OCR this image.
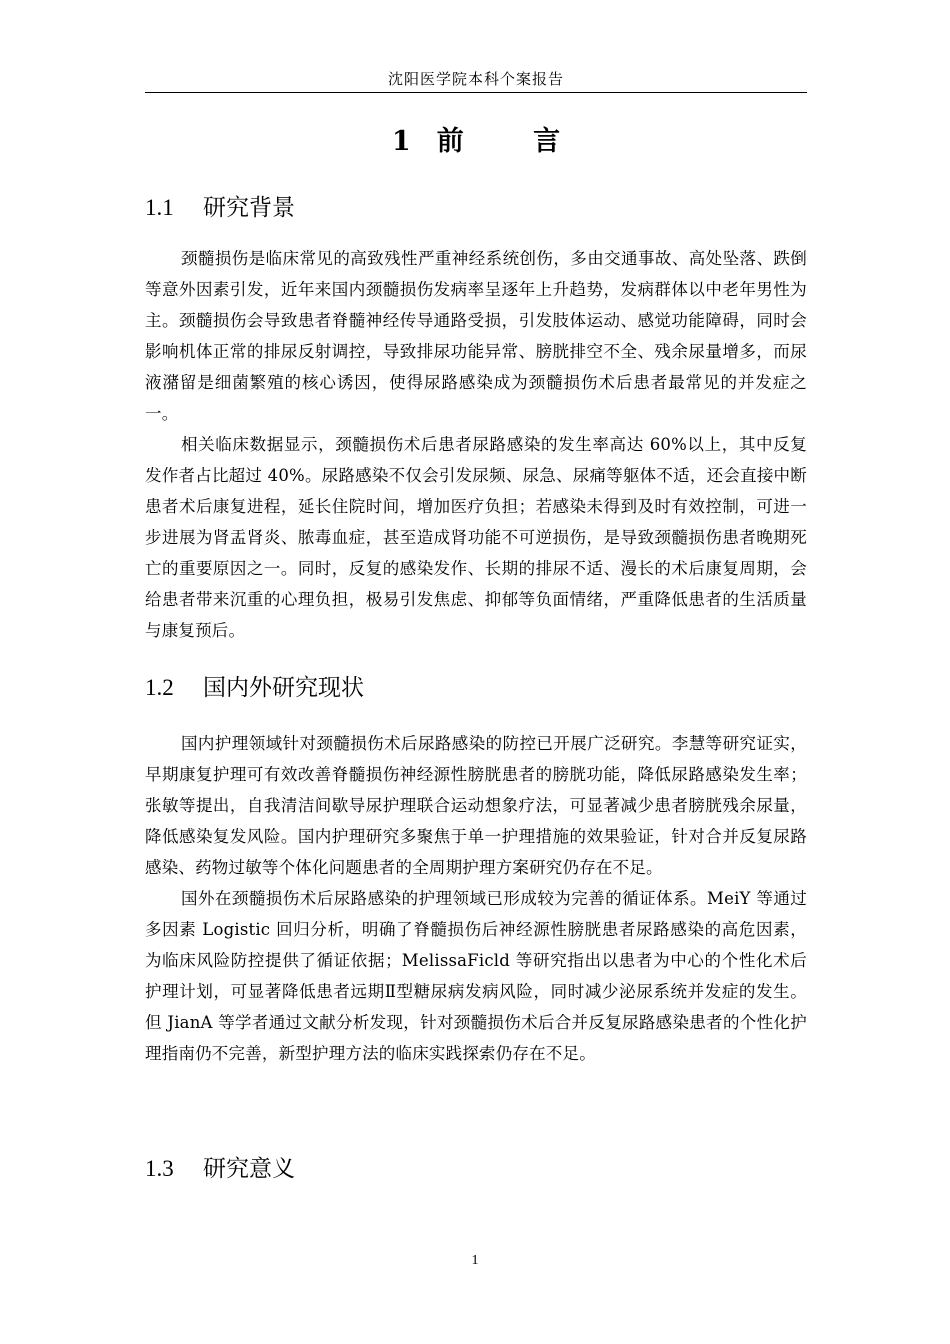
沈阳医学院本科个案报告
1 前 言
1.1 研究背景

颈髓损伤是临床常见的高致残性严重神经系统创伤，多由交通事故、高处坠落、跌倒等意外因素引发，近年来国内颈髓损伤发病率呈逐年上升趋势，发病群体以中老年男性为主。颈髓损伤会导致患者脊髓神经传导通路受损，引发肢体运动、感觉功能障碍，同时会影响机体正常的排尿反射调控，导致排尿功能异常、膀胱排空不全、残余尿量增多，而尿液潴留是细菌繁殖的核心诱因，使得尿路感染成为颈髓损伤术后患者最常见的并发症之一。

相关临床数据显示，颈髓损伤术后患者尿路感染的发生率高达 60%以上，其中反复发作者占比超过 40%。尿路感染不仅会引发尿频、尿急、尿痛等躯体不适，还会直接中断患者术后康复进程，延长住院时间，增加医疗负担；若感染未得到及时有效控制，可进一步进展为肾盂肾炎、脓毒血症，甚至造成肾功能不可逆损伤，是导致颈髓损伤患者晚期死亡的重要原因之一。同时，反复的感染发作、长期的排尿不适、漫长的术后康复周期，会给患者带来沉重的心理负担，极易引发焦虑、抑郁等负面情绪，严重降低患者的生活质量与康复预后。

1.2 国内外研究现状

国内护理领域针对颈髓损伤术后尿路感染的防控已开展广泛研究。李慧等研究证实，早期康复护理可有效改善脊髓损伤神经源性膀胱患者的膀胱功能，降低尿路感染发生率；张敏等提出，自我清洁间歇导尿护理联合运动想象疗法，可显著减少患者膀胱残余尿量，降低感染复发风险。国内护理研究多聚焦于单一护理措施的效果验证，针对合并反复尿路感染、药物过敏等个体化问题患者的全周期护理方案研究仍存在不足。

国外在颈髓损伤术后尿路感染的护理领域已形成较为完善的循证体系。MeiY 等通过多因素 Logistic 回归分析，明确了脊髓损伤后神经源性膀胱患者尿路感染的高危因素，为临床风险防控提供了循证依据；MelissaFicld 等研究指出以患者为中心的个性化术后护理计划，可显著降低患者远期Ⅱ型糖尿病发病风险，同时减少泌尿系统并发症的发生。但 JianA 等学者通过文献分析发现，针对颈髓损伤术后合并反复尿路感染患者的个性化护理指南仍不完善，新型护理方法的临床实践探索仍存在不足。

1.3 研究意义
1
